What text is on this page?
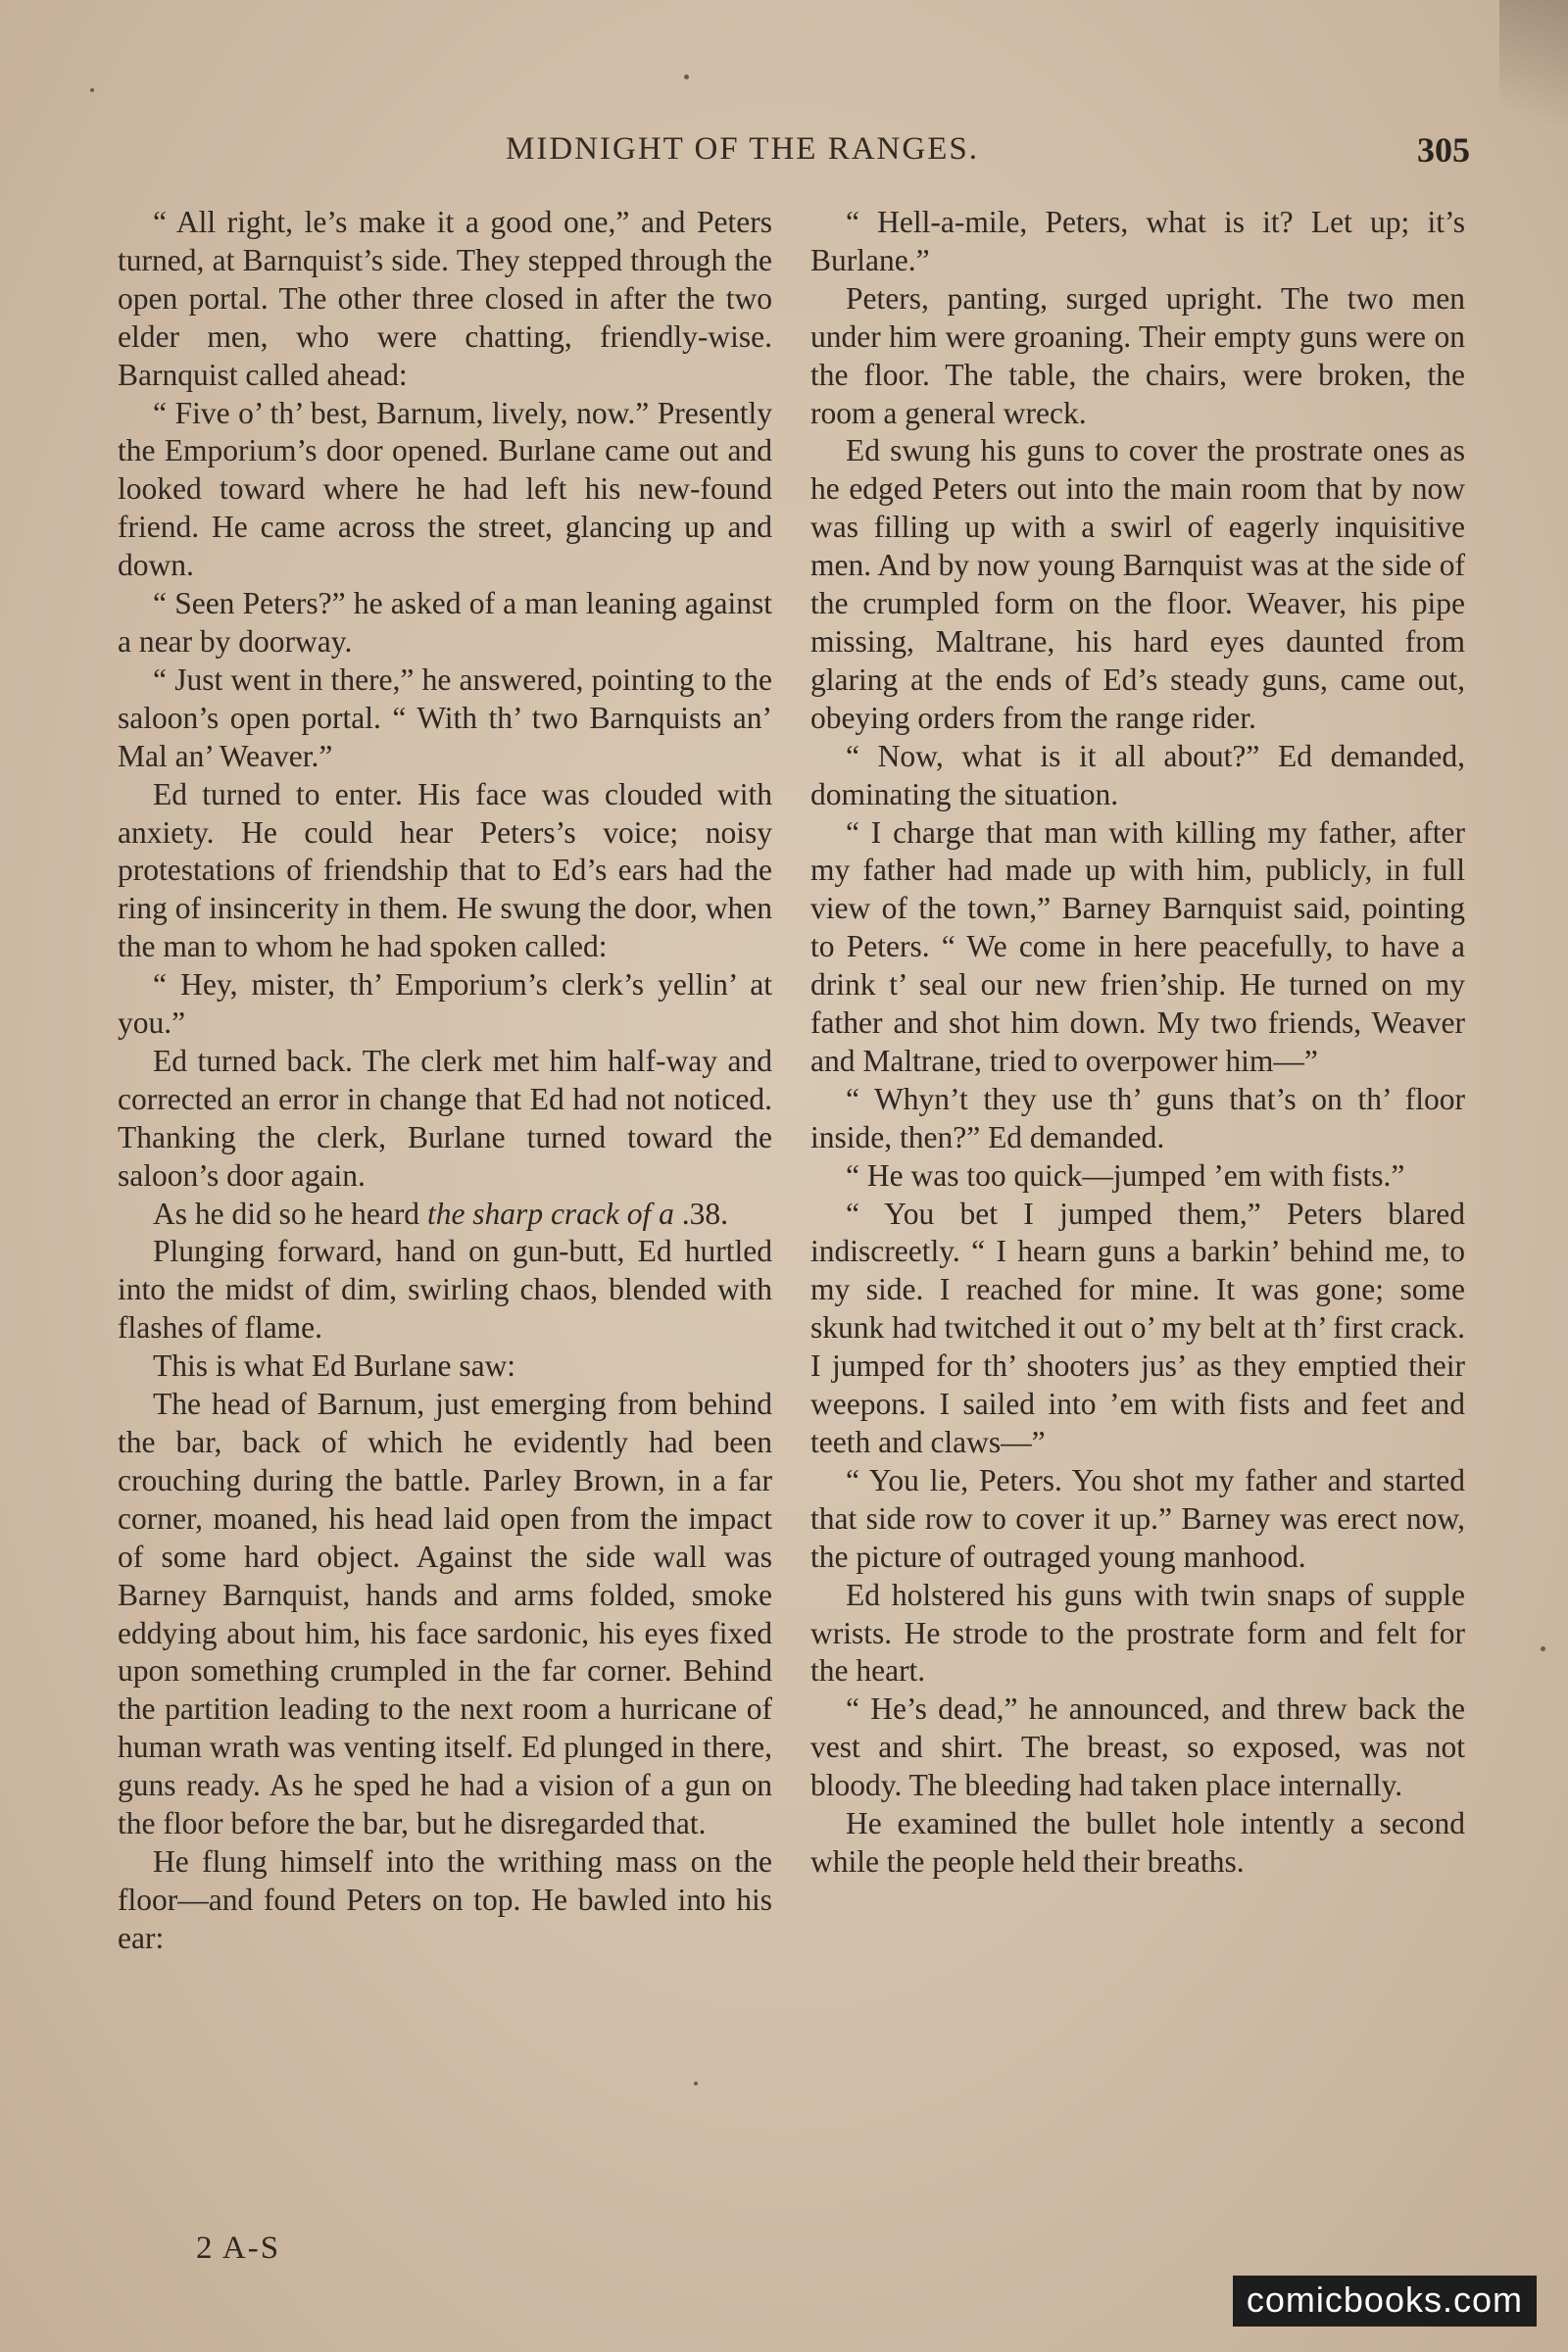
MIDNIGHT OF THE RANGES.	305

“ All right, le’s make it a good one,” and Peters turned, at Barnquist’s side. They stepped through the open portal. The other three closed in after the two elder men, who were chatting, friendly-wise. Barnquist called ahead:

“ Five o’ th’ best, Barnum, lively, now.” Presently the Emporium’s door opened. Burlane came out and looked toward where he had left his new-found friend. He came across the street, glancing up and down.

“ Seen Peters?” he asked of a man leaning against a near by doorway.

“ Just went in there,” he answered, pointing to the saloon’s open portal. “ With th’ two Barnquists an’ Mal an’ Weaver.”

Ed turned to enter. His face was clouded with anxiety. He could hear Peters’s voice; noisy protestations of friendship that to Ed’s ears had the ring of insincerity in them. He swung the door, when the man to whom he had spoken called:

“ Hey, mister, th’ Emporium’s clerk’s yellin’ at you.”

Ed turned back. The clerk met him half-way and corrected an error in change that Ed had not noticed. Thanking the clerk, Burlane turned toward the saloon’s door again.

As he did so he heard the sharp crack of a .38.

Plunging forward, hand on gun-butt, Ed hurtled into the midst of dim, swirling chaos, blended with flashes of flame.

This is what Ed Burlane saw:

The head of Barnum, just emerging from behind the bar, back of which he evidently had been crouching during the battle. Parley Brown, in a far corner, moaned, his head laid open from the impact of some hard object. Against the side wall was Barney Barnquist, hands and arms folded, smoke eddying about him, his face sardonic, his eyes fixed upon something crumpled in the far corner. Behind the partition leading to the next room a hurricane of human wrath was venting itself. Ed plunged in there, guns ready. As he sped he had a vision of a gun on the floor before the bar, but he disregarded that.

He flung himself into the writhing mass on the floor—and found Peters on top. He bawled into his ear:

“ Hell-a-mile, Peters, what is it? Let up; it’s Burlane.”

Peters, panting, surged upright. The two men under him were groaning. Their empty guns were on the floor. The table, the chairs, were broken, the room a general wreck.

Ed swung his guns to cover the prostrate ones as he edged Peters out into the main room that by now was filling up with a swirl of eagerly inquisitive men. And by now young Barnquist was at the side of the crumpled form on the floor. Weaver, his pipe missing, Maltrane, his hard eyes daunted from glaring at the ends of Ed’s steady guns, came out, obeying orders from the range rider.

“ Now, what is it all about?” Ed demanded, dominating the situation.

“ I charge that man with killing my father, after my father had made up with him, publicly, in full view of the town,” Barney Barnquist said, pointing to Peters. “ We come in here peacefully, to have a drink t’ seal our new frien’ship. He turned on my father and shot him down. My two friends, Weaver and Maltrane, tried to overpower him—”

“ Whyn’t they use th’ guns that’s on th’ floor inside, then?” Ed demanded.

“ He was too quick—jumped ’em with fists.”

“ You bet I jumped them,” Peters blared indiscreetly. “ I hearn guns a barkin’ behind me, to my side. I reached for mine. It was gone; some skunk had twitched it out o’ my belt at th’ first crack. I jumped for th’ shooters jus’ as they emptied their weepons. I sailed into ’em with fists and feet and teeth and claws—”

“ You lie, Peters. You shot my father and started that side row to cover it up.” Barney was erect now, the picture of outraged young manhood.

Ed holstered his guns with twin snaps of supple wrists. He strode to the prostrate form and felt for the heart.

“ He’s dead,” he announced, and threw back the vest and shirt. The breast, so exposed, was not bloody. The bleeding had taken place internally.

He examined the bullet hole intently a second while the people held their breaths.

2 A-S
comicbooks.com
